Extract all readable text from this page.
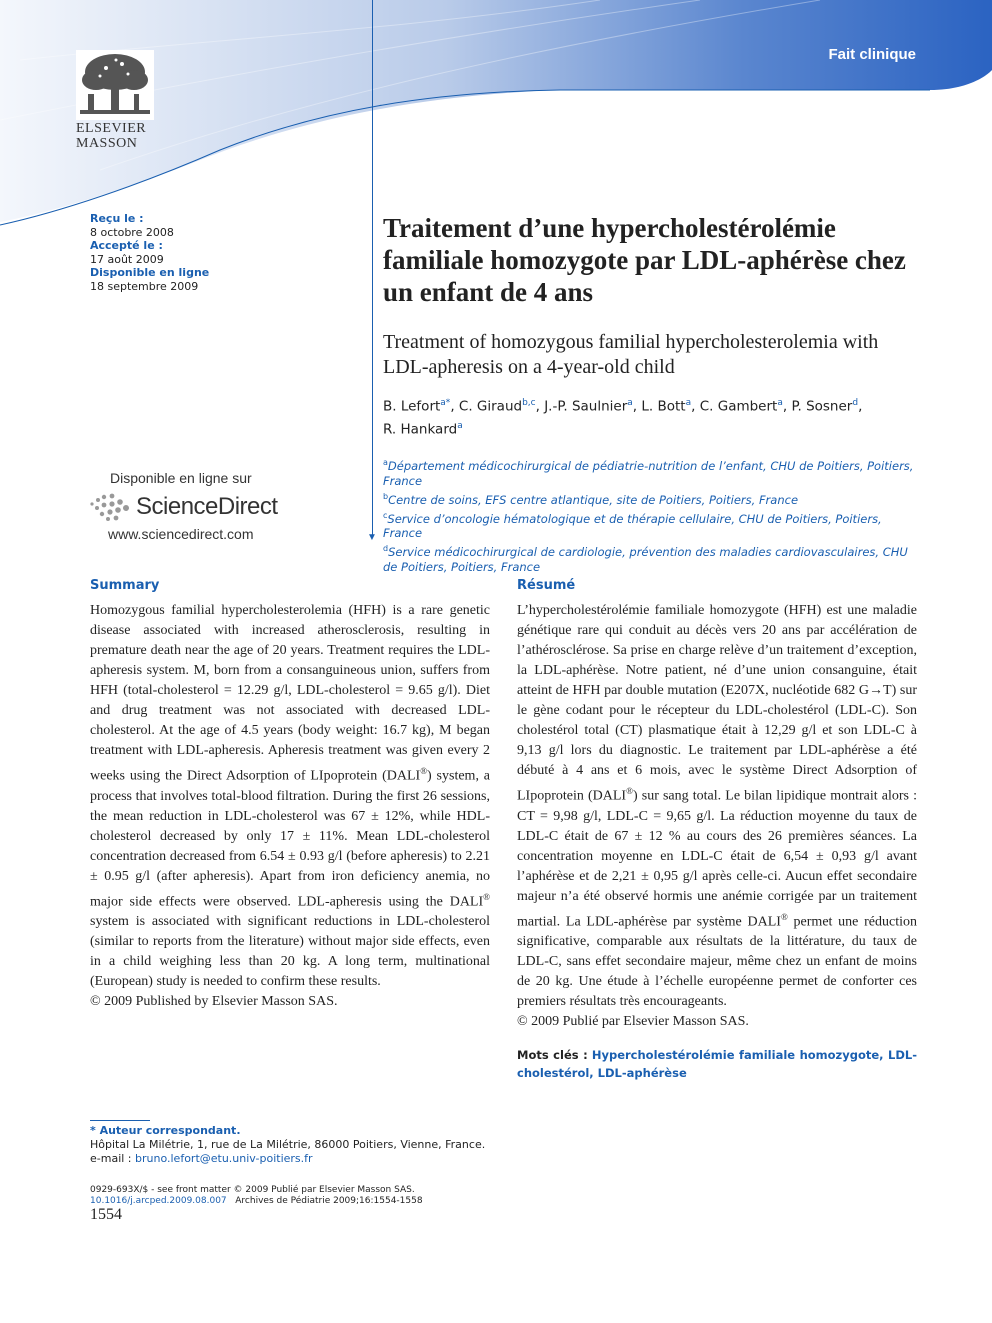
Fait clinique
▼
ELSEVIER
MASSON
Reçu le :
8 octobre 2008
Accepté le :
17 août 2009
Disponible en ligne
18 septembre 2009
Disponible en ligne sur
ScienceDirect
www.sciencedirect.com
Traitement d’une hypercholestérolémie familiale homozygote par LDL-aphérèse chez un enfant de 4 ans
Treatment of homozygous familial hypercholesterolemia with LDL-apheresis on a 4-year-old child
B. Lefort$^{a*}$, C. Giraud$^{b,c}$, J.-P. Saulnier$^a$, L. Bott$^a$, C. Gambert$^a$, P. Sosner$^d$,
R. Hankard$^a$
$^a$Département médicochirurgical de pédiatrie-nutrition de l’enfant, CHU de Poitiers, Poitiers, France
$^b$Centre de soins, EFS centre atlantique, site de Poitiers, Poitiers, France
$^c$Service d’oncologie hématologique et de thérapie cellulaire, CHU de Poitiers, Poitiers, France
$^d$Service médicochirurgical de cardiologie, prévention des maladies cardiovasculaires, CHU de Poitiers, Poitiers, France
Summary

Homozygous familial hypercholesterolemia (HFH) is a rare genetic disease associated with increased atherosclerosis, resulting in premature death near the age of 20 years. Treatment requires the LDL-apheresis system. M, born from a consanguineous union, suffers from HFH (total-cholesterol = 12.29 g/l, LDL-cholesterol = 9.65 g/l). Diet and drug treatment was not associated with decreased LDL-cholesterol. At the age of 4.5 years (body weight: 16.7 kg), M began treatment with LDL-apheresis. Apheresis treatment was given every 2 weeks using the Direct Adsorption of LIpoprotein (DALI®) system, a process that involves total-blood filtration. During the first 26 sessions, the mean reduction in LDL-cholesterol was 67 ± 12%, while HDL-cholesterol decreased by only 17 ± 11%. Mean LDL-cholesterol concentration decreased from 6.54 ± 0.93 g/l (before apheresis) to 2.21 ± 0.95 g/l (after apheresis). Apart from iron deficiency anemia, no major side effects were observed. LDL-apheresis using the DALI® system is associated with significant reductions in LDL-cholesterol (similar to reports from the literature) without major side effects, even in a child weighing less than 20 kg. A long term, multinational (European) study is needed to confirm these results.

© 2009 Published by Elsevier Masson SAS.

Résumé

L’hypercholestérolémie familiale homozygote (HFH) est une maladie génétique rare qui conduit au décès vers 20 ans par accélération de l’athérosclérose. Sa prise en charge relève d’un traitement d’exception, la LDL-aphérèse. Notre patient, né d’une union consanguine, était atteint de HFH par double mutation (E207X, nucléotide 682 G→T) sur le gène codant pour le récepteur du LDL-cholestérol (LDL-C). Son cholestérol total (CT) plasmatique était à 12,29 g/l et son LDL-C à 9,13 g/l lors du diagnostic. Le traitement par LDL-aphérèse a été débuté à 4 ans et 6 mois, avec le système Direct Adsorption of LIpoprotein (DALI®) sur sang total. Le bilan lipidique montrait alors : CT = 9,98 g/l, LDL-C = 9,65 g/l. La réduction moyenne du taux de LDL-C était de 67 ± 12 % au cours des 26 premières séances. La concentration moyenne en LDL-C était de 6,54 ± 0,93 g/l avant l’aphérèse et de 2,21 ± 0,95 g/l après celle-ci. Aucun effet secondaire majeur n’a été observé hormis une anémie corrigée par un traitement martial. La LDL-aphérèse par système DALI® permet une réduction significative, comparable aux résultats de la littérature, du taux de LDL-C, sans effet secondaire majeur, même chez un enfant de moins de 20 kg. Une étude à l’échelle européenne permet de conforter ces premiers résultats très encourageants.

© 2009 Publié par Elsevier Masson SAS.

Mots clés : Hypercholestérolémie familiale homozygote, LDL-cholestérol, LDL-aphérèse
* Auteur correspondant.
Hôpital La Milétrie, 1, rue de La Milétrie, 86000 Poitiers, Vienne, France.
e-mail : bruno.lefort@etu.univ-poitiers.fr
0929-693X/$ - see front matter © 2009 Publié par Elsevier Masson SAS.
10.1016/j.arcped.2009.08.007 Archives de Pédiatrie 2009;16:1554-1558
1554
